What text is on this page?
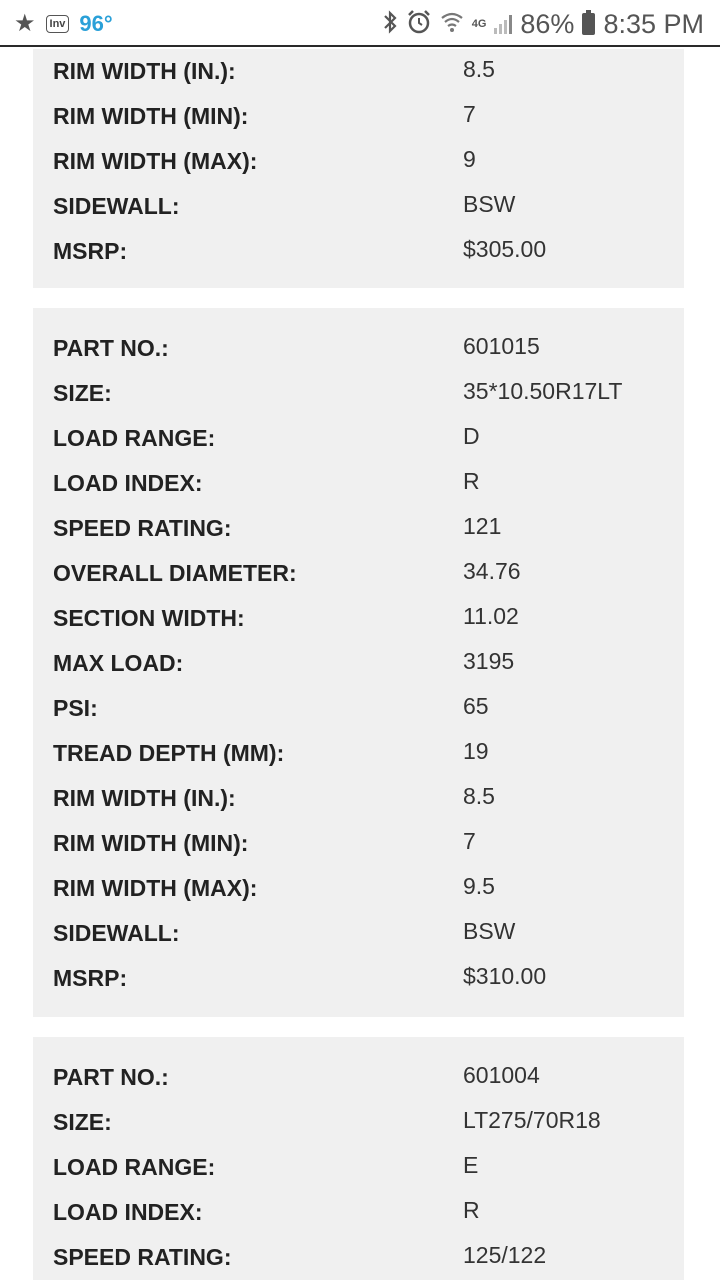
★	Inv 96°	4G 86% 8:35 PM
RIM WIDTH (IN.):	8.5
RIM WIDTH (MIN):	7
RIM WIDTH (MAX):	9
SIDEWALL:	BSW
MSRP:	$305.00
PART NO.:	601015
SIZE:	35*10.50R17LT
LOAD RANGE:	D
LOAD INDEX:	R
SPEED RATING:	121
OVERALL DIAMETER:	34.76
SECTION WIDTH:	11.02
MAX LOAD:	3195
PSI:	65
TREAD DEPTH (MM):	19
RIM WIDTH (IN.):	8.5
RIM WIDTH (MIN):	7
RIM WIDTH (MAX):	9.5
SIDEWALL:	BSW
MSRP:	$310.00
PART NO.:	601004
SIZE:	LT275/70R18
LOAD RANGE:	E
LOAD INDEX:	R
SPEED RATING:	125/122
